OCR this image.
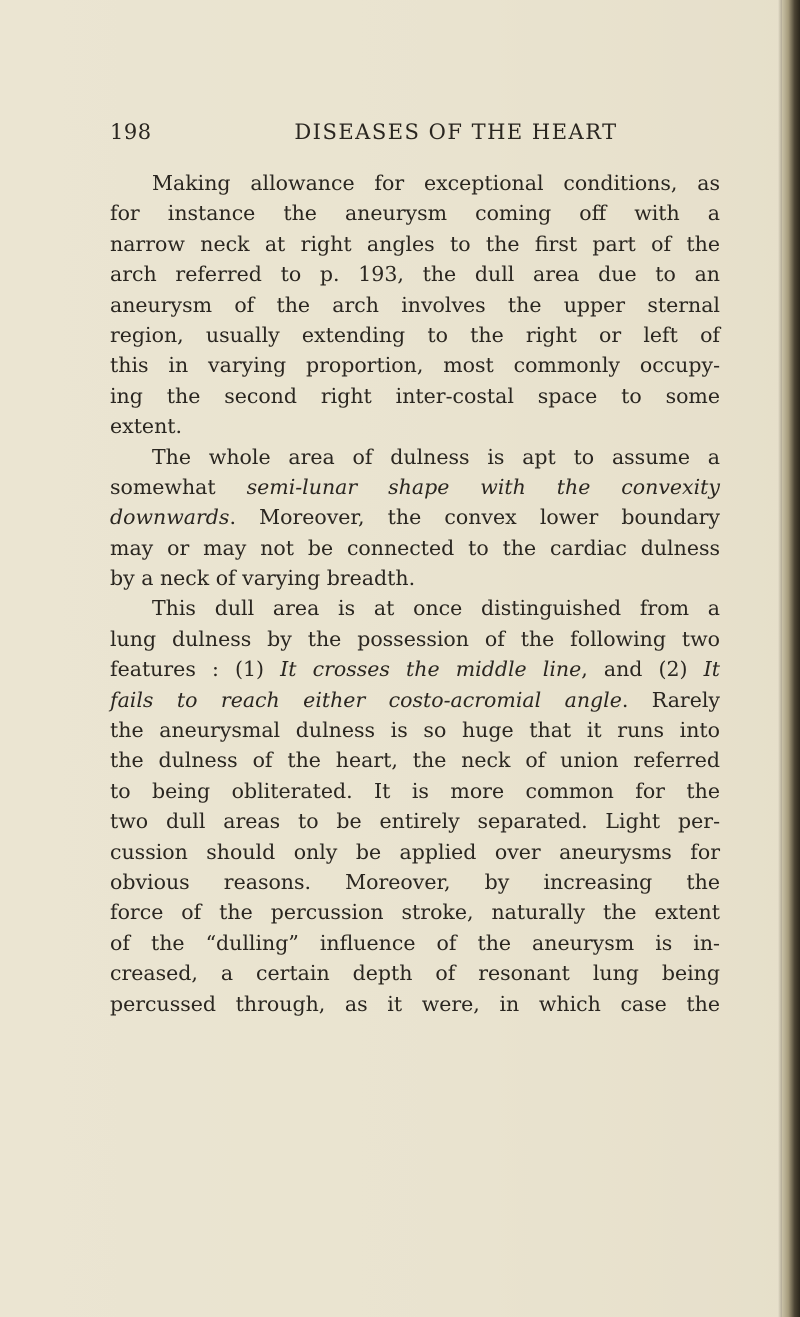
198	DISEASES OF THE HEART
Making allowance for exceptional conditions, as
for instance the aneurysm coming off with a
narrow neck at right angles to the first part of the
arch referred to p. 193, the dull area due to an
aneurysm of the arch involves the upper sternal
region, usually extending to the right or left of
this in varying proportion, most commonly occupy-
ing the second right inter-costal space to some
extent.
The whole area of dulness is apt to assume a
somewhat semi-lunar shape with the convexity
downwards. Moreover, the convex lower boundary
may or may not be connected to the cardiac dulness
by a neck of varying breadth.
This dull area is at once distinguished from a
lung dulness by the possession of the following two
features : (1) It crosses the middle line, and (2) It
fails to reach either costo-acromial angle. Rarely
the aneurysmal dulness is so huge that it runs into
the dulness of the heart, the neck of union referred
to being obliterated. It is more common for the
two dull areas to be entirely separated. Light per-
cussion should only be applied over aneurysms for
obvious reasons. Moreover, by increasing the
force of the percussion stroke, naturally the extent
of the “dulling” influence of the aneurysm is in-
creased, a certain depth of resonant lung being
percussed through, as it were, in which case the
